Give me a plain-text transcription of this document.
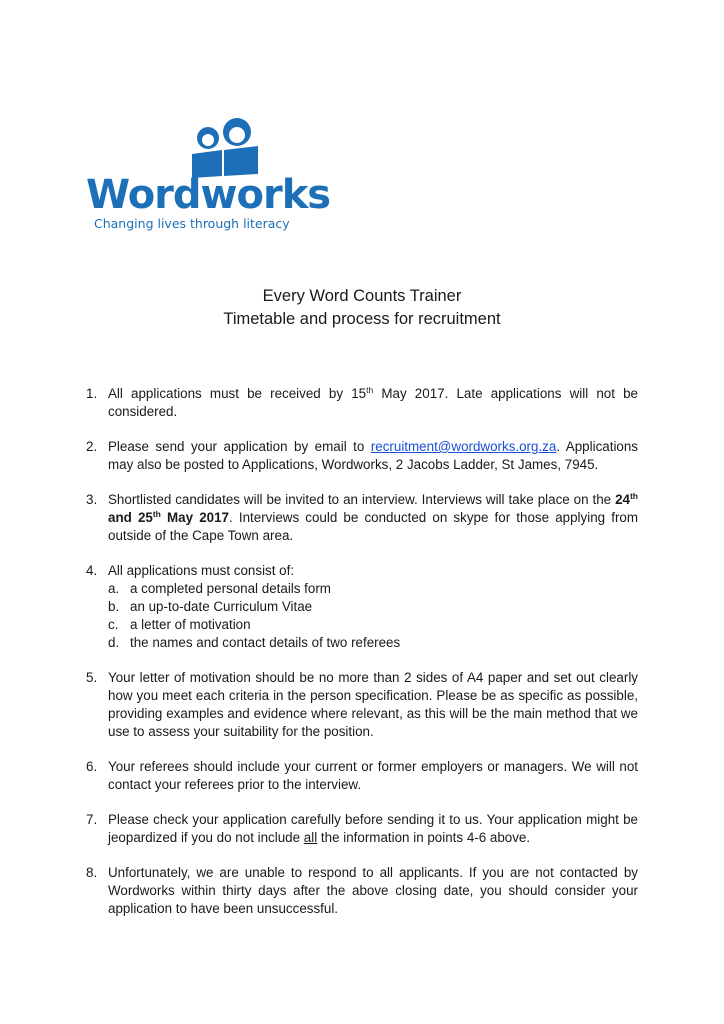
Wordworks
Changing lives through literacy
Every Word Counts Trainer
Timetable and process for recruitment
1. All applications must be received by 15th May 2017. Late applications will not be considered.
2. Please send your application by email to recruitment@wordworks.org.za. Applications may also be posted to Applications, Wordworks, 2 Jacobs Ladder, St James, 7945.
3. Shortlisted candidates will be invited to an interview. Interviews will take place on the 24th and 25th May 2017. Interviews could be conducted on skype for those applying from outside of the Cape Town area.
4. All applications must consist of:
a. a completed personal details form
b. an up-to-date Curriculum Vitae
c. a letter of motivation
d. the names and contact details of two referees
5. Your letter of motivation should be no more than 2 sides of A4 paper and set out clearly how you meet each criteria in the person specification. Please be as specific as possible, providing examples and evidence where relevant, as this will be the main method that we use to assess your suitability for the position.
6. Your referees should include your current or former employers or managers. We will not contact your referees prior to the interview.
7. Please check your application carefully before sending it to us. Your application might be jeopardized if you do not include all the information in points 4-6 above.
8. Unfortunately, we are unable to respond to all applicants. If you are not contacted by Wordworks within thirty days after the above closing date, you should consider your application to have been unsuccessful.
